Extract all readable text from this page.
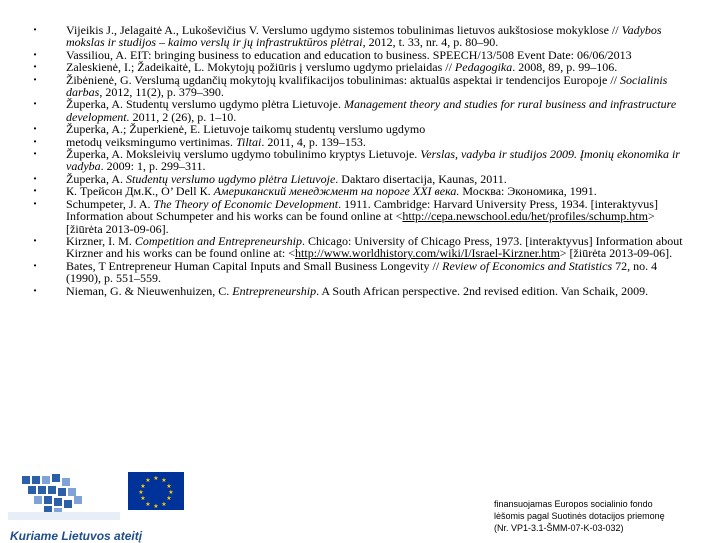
• Vijeikis J., Jelagaitė A., Lukoševičius V. Verslumo ugdymo sistemos tobulinimas lietuvos aukštosiose mokyklose // Vadybos mokslas ir studijos – kaimo verslų ir jų infrastruktūros plėtrai, 2012, t. 33, nr. 4, p. 80–90.
• Vassiliou, A. EIT: bringing business to education and education to business. SPEECH/13/508 Event Date: 06/06/2013
• Zaleskienė, I.; Žadeikaitė, L. Mokytojų požiūris į verslumo ugdymo prielaidas // Pedagogika. 2008, 89, p. 99–106.
• Žibėnienė, G. Verslumą ugdančių mokytojų kvalifikacijos tobulinimas: aktualūs aspektai ir tendencijos Europoje // Socialinis darbas, 2012, 11(2), p. 379–390.
• Župerka, A. Studentų verslumo ugdymo plėtra Lietuvoje. Management theory and studies for rural business and infrastructure development. 2011, 2 (26), p. 1–10.
• Župerka, A.; Župerkienė, E. Lietuvoje taikomų studentų verslumo ugdymo
• metodų veiksmingumo vertinimas. Tiltai. 2011, 4, p. 139–153.
• Župerka, A. Moksleivių verslumo ugdymo tobulinimo kryptys Lietuvoje. Verslas, vadyba ir studijos 2009. Įmonių ekonomika ir vadyba. 2009: 1, p. 299–311.
• Župerka, A. Studentų verslumo ugdymo plėtra Lietuvoje. Daktaro disertacija, Kaunas, 2011.
• К. Трейсон Дм.К., О’ Dell К. Американский менеджмент на пороге XXI века. Москва: Экономика, 1991.
• Schumpeter, J. A. The Theory of Economic Development. 1911. Cambridge: Harvard University Press, 1934. [interaktyvus] Information about Schumpeter and his works can be found online at <http://cepa.newschool.edu/het/profiles/schump.htm> [žiūrėta 2013-09-06].
• Kirzner, I. M. Competition and Entrepreneurship. Chicago: University of Chicago Press, 1973. [interaktyvus] Information about Kirzner and his works can be found online at: <http://www.worldhistory.com/wiki/I/Israel-Kirzner.htm> [žiūrėta 2013-09-06].
• Bates, T Entrepreneur Human Capital Inputs and Small Business Longevity // Review of Economics and Statistics 72, no. 4 (1990), p. 551–559.
• Nieman, G. & Nieuwenhuizen, C. Entrepreneurship. A South African perspective. 2nd revised edition. Van Schaik, 2009.
★ ★
★
★
★
★
★
★
★
★
★
★
Kuriame Lietuvos ateitį
finansuojamas Europos socialinio fondo
lėšomis pagal Suotinės dotacijos priemonę
(Nr. VP1-3.1-ŠMM-07-K-03-032)
